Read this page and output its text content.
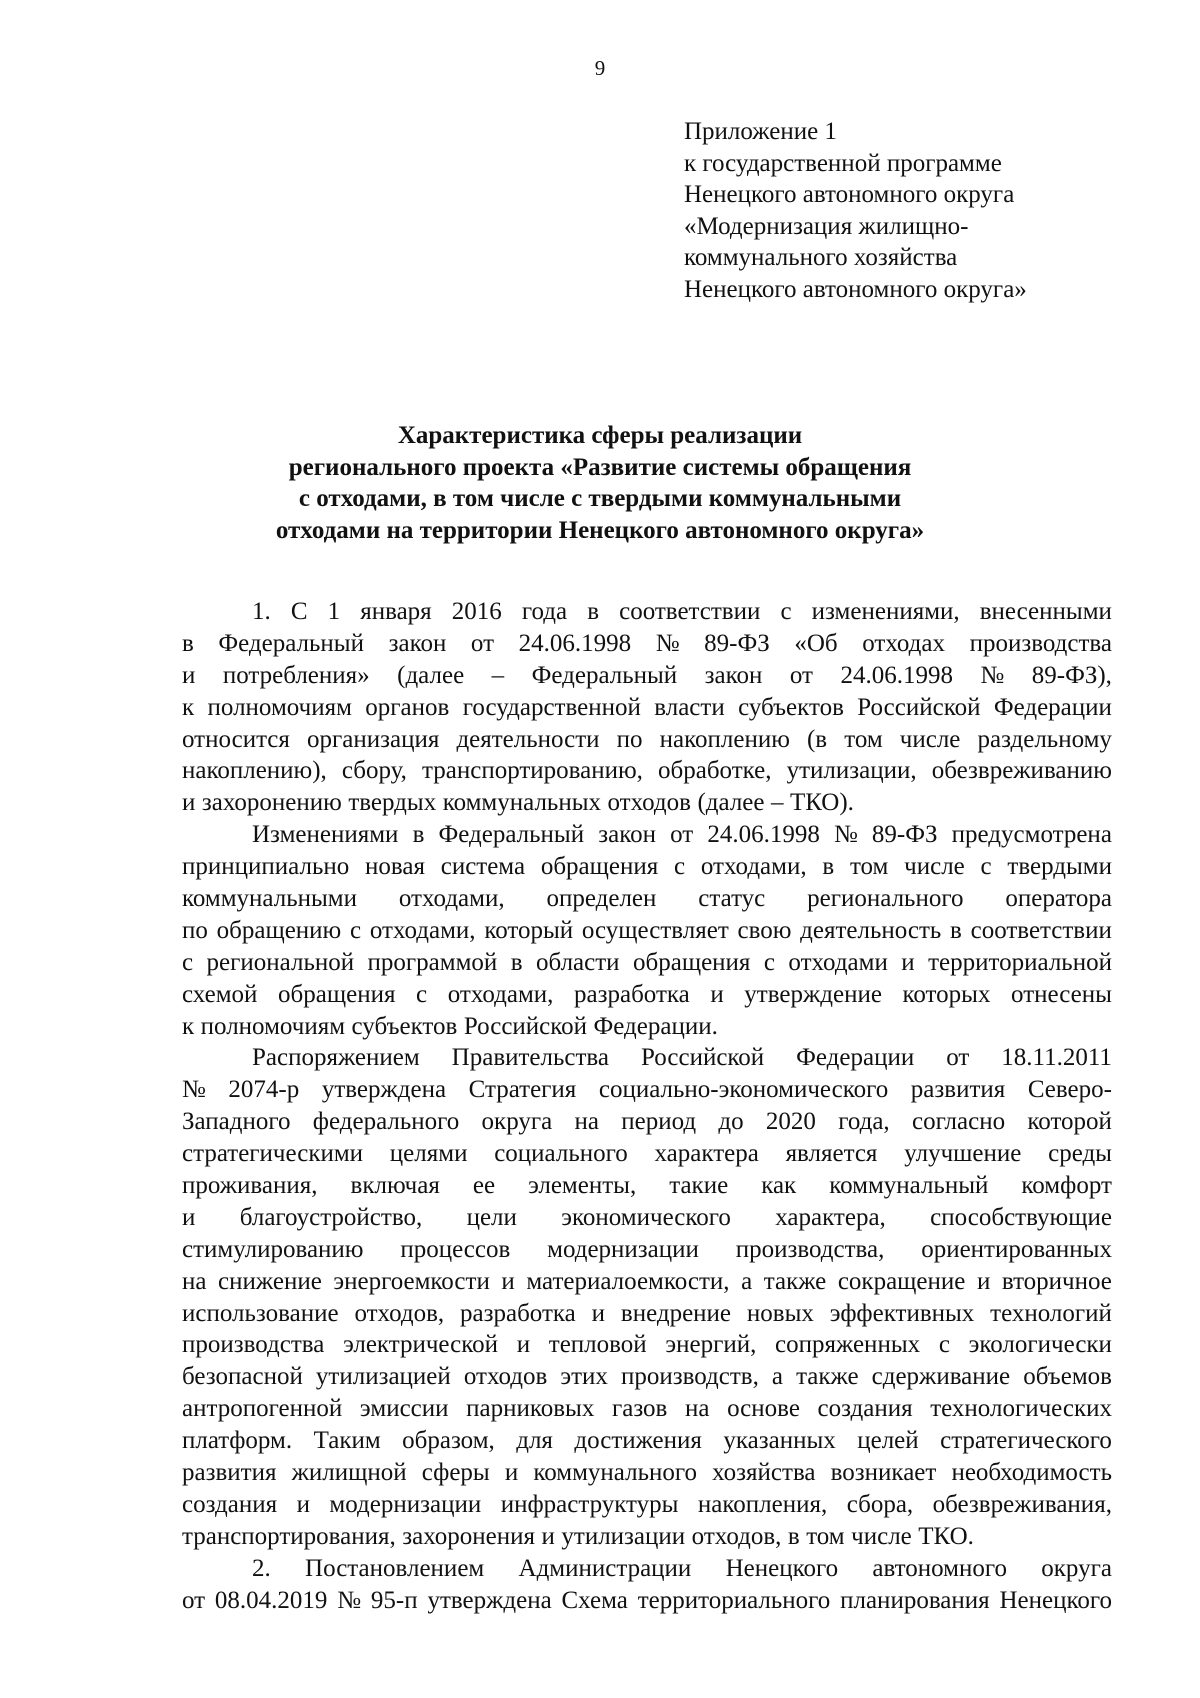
9
Приложение 1
к государственной программе
Ненецкого автономного округа
«Модернизация жилищно-
коммунального хозяйства
Ненецкого автономного округа»
Характеристика сферы реализации
регионального проекта «Развитие системы обращения
с отходами, в том числе с твердыми коммунальными
отходами на территории Ненецкого автономного округа»
1. С 1 января 2016 года в соответствии с изменениями, внесенными
в Федеральный закон от 24.06.1998 № 89-ФЗ «Об отходах производства
и потребления» (далее – Федеральный закон от 24.06.1998 № 89-ФЗ),
к полномочиям органов государственной власти субъектов Российской Федерации
относится организация деятельности по накоплению (в том числе раздельному
накоплению), сбору, транспортированию, обработке, утилизации, обезвреживанию
и захоронению твердых коммунальных отходов (далее – ТКО).
Изменениями в Федеральный закон от 24.06.1998 № 89-ФЗ предусмотрена
принципиально новая система обращения с отходами, в том числе с твердыми
коммунальными отходами, определен статус регионального оператора
по обращению с отходами, который осуществляет свою деятельность в соответствии
с региональной программой в области обращения с отходами и территориальной
схемой обращения с отходами, разработка и утверждение которых отнесены
к полномочиям субъектов Российской Федерации.
Распоряжением Правительства Российской Федерации от 18.11.2011
№ 2074-р утверждена Стратегия социально-экономического развития Северо-
Западного федерального округа на период до 2020 года, согласно которой
стратегическими целями социального характера является улучшение среды
проживания, включая ее элементы, такие как коммунальный комфорт
и благоустройство, цели экономического характера, способствующие
стимулированию процессов модернизации производства, ориентированных
на снижение энергоемкости и материалоемкости, а также сокращение и вторичное
использование отходов, разработка и внедрение новых эффективных технологий
производства электрической и тепловой энергий, сопряженных с экологически
безопасной утилизацией отходов этих производств, а также сдерживание объемов
антропогенной эмиссии парниковых газов на основе создания технологических
платформ. Таким образом, для достижения указанных целей стратегического
развития жилищной сферы и коммунального хозяйства возникает необходимость
создания и модернизации инфраструктуры накопления, сбора, обезвреживания,
транспортирования, захоронения и утилизации отходов, в том числе ТКО.
2. Постановлением Администрации Ненецкого автономного округа
от 08.04.2019 № 95-п утверждена Схема территориального планирования Ненецкого
